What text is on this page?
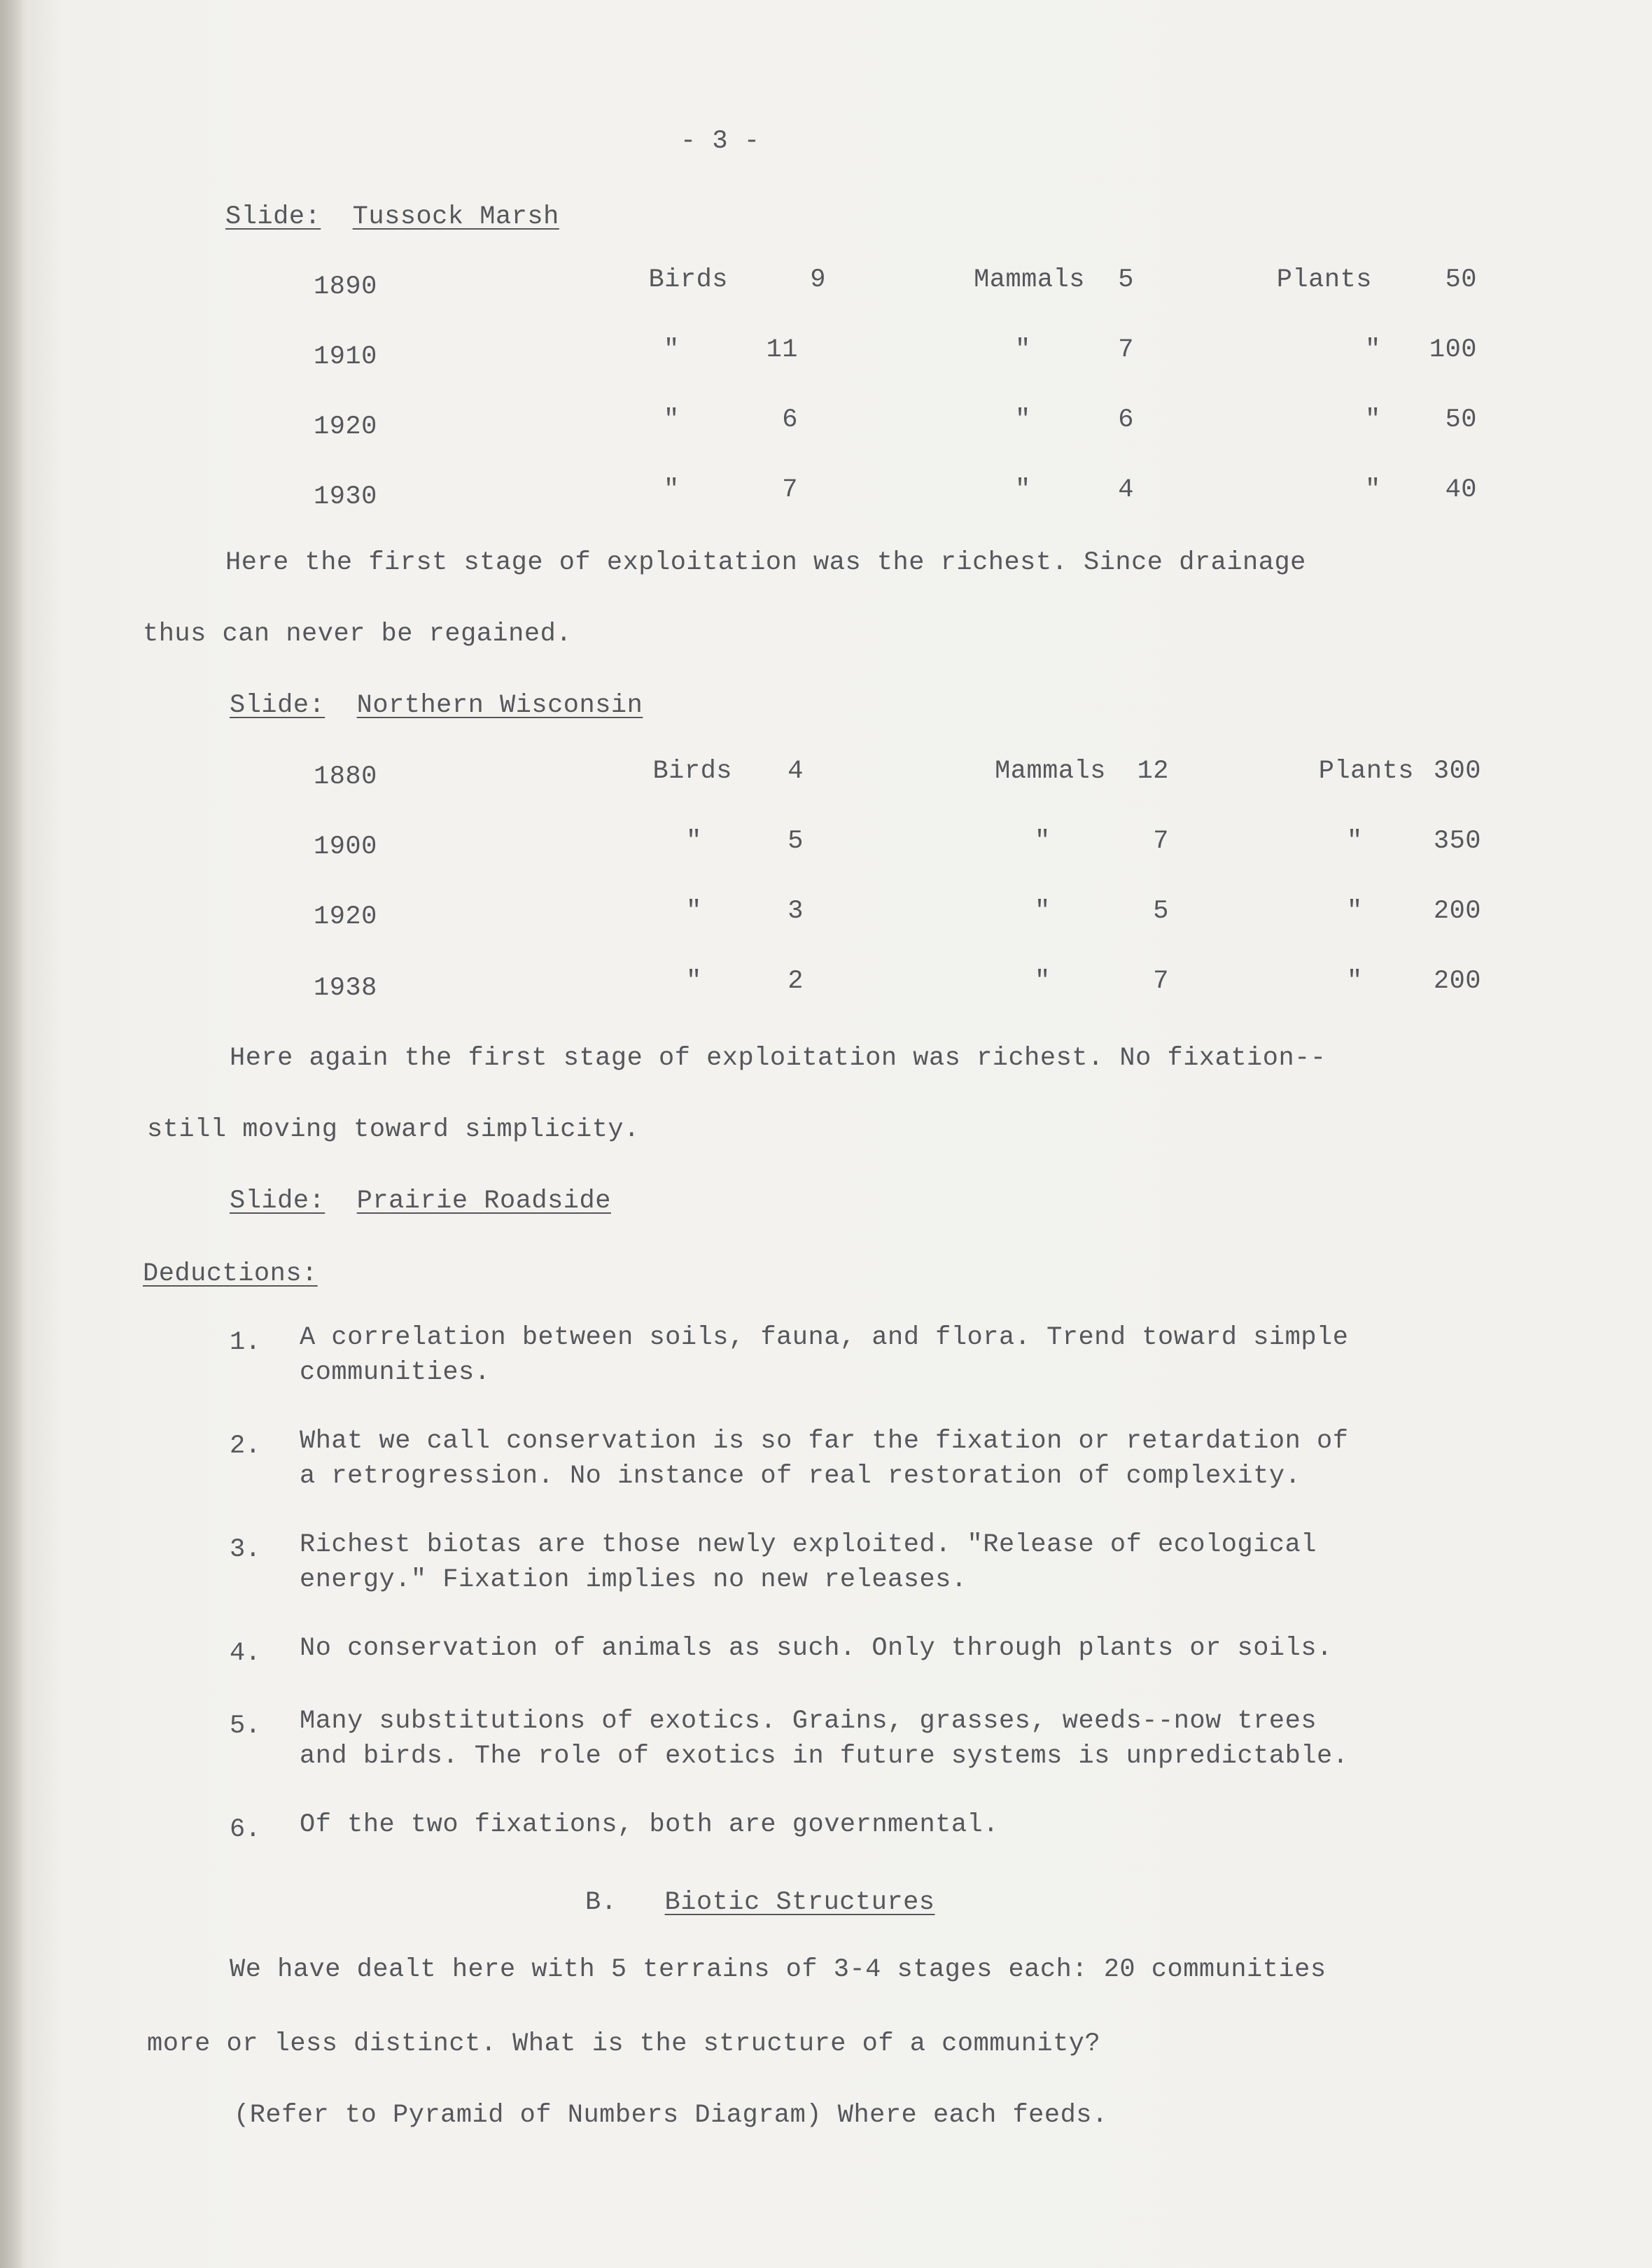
- 3 -
Slide: Tussock Marsh
1890	Birds	9	Mammals	5	Plants	50
1910	"	11	"	7	"	100
1920	"	6	"	6	"	50
1930	"	7	"	4	"	40
Here the first stage of exploitation was the richest. Since drainage
thus can never be regained.
Slide: Northern Wisconsin
1880	Birds	4	Mammals	12	Plants 300
1900	"	5	"	7	"	350
1920	"	3	"	5	"	200
1938	"	2	"	7	"	200
Here again the first stage of exploitation was richest. No fixation--
still moving toward simplicity.
Slide: Prairie Roadside
Deductions:
1. A correlation between soils, fauna, and flora. Trend toward simple
communities.
2. What we call conservation is so far the fixation or retardation of
a retrogression. No instance of real restoration of complexity.
3. Richest biotas are those newly exploited. "Release of ecological
energy." Fixation implies no new releases.
4. No conservation of animals as such. Only through plants or soils.
5. Many substitutions of exotics. Grains, grasses, weeds--now trees
and birds. The role of exotics in future systems is unpredictable.
6. Of the two fixations, both are governmental.
B. Biotic Structures
We have dealt here with 5 terrains of 3-4 stages each: 20 communities
more or less distinct. What is the structure of a community?
(Refer to Pyramid of Numbers Diagram) Where each feeds.
